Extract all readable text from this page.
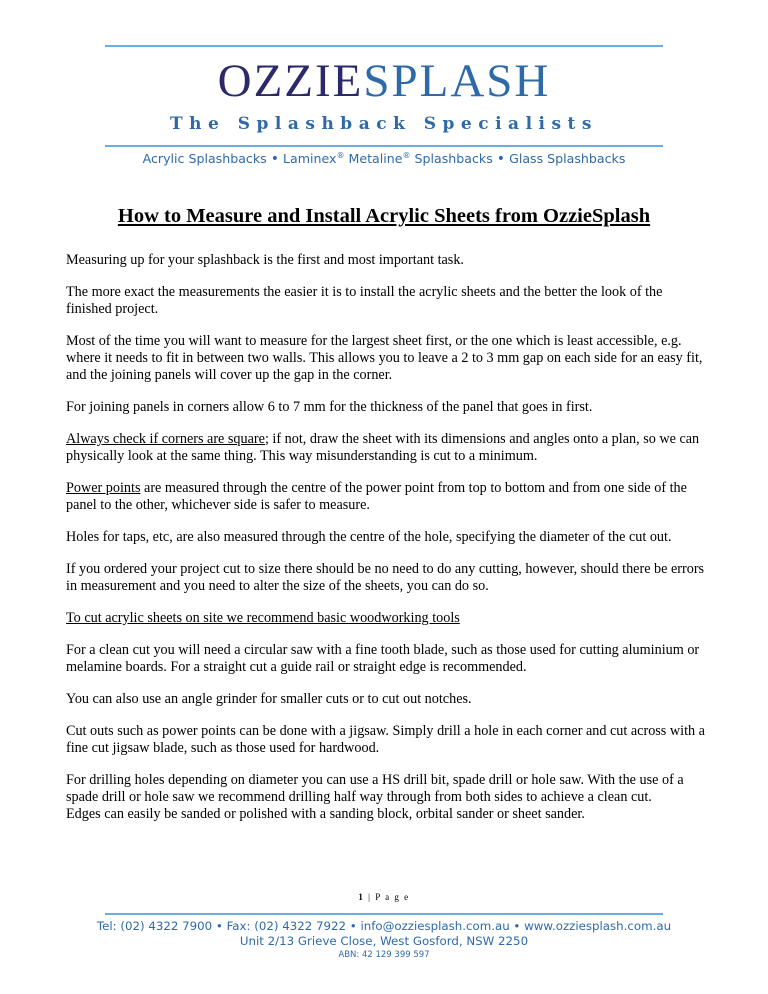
OZZIESPLASH
The Splashback Specialists
Acrylic Splashbacks • Laminex® Metaline® Splashbacks • Glass Splashbacks
How to Measure and Install Acrylic Sheets from OzzieSplash

Measuring up for your splashback is the first and most important task.

The more exact the measurements the easier it is to install the acrylic sheets and the better the look of the finished project.

Most of the time you will want to measure for the largest sheet first, or the one which is least accessible, e.g. where it needs to fit in between two walls. This allows you to leave a 2 to 3 mm gap on each side for an easy fit, and the joining panels will cover up the gap in the corner.

For joining panels in corners allow 6 to 7 mm for the thickness of the panel that goes in first.

Always check if corners are square; if not, draw the sheet with its dimensions and angles onto a plan, so we can physically look at the same thing. This way misunderstanding is cut to a minimum.

Power points are measured through the centre of the power point from top to bottom and from one side of the panel to the other, whichever side is safer to measure.

Holes for taps, etc, are also measured through the centre of the hole, specifying the diameter of the cut out.

If you ordered your project cut to size there should be no need to do any cutting, however, should there be errors in measurement and you need to alter the size of the sheets, you can do so.

To cut acrylic sheets on site we recommend basic woodworking tools

For a clean cut you will need a circular saw with a fine tooth blade, such as those used for cutting aluminium or melamine boards. For a straight cut a guide rail or straight edge is recommended.

You can also use an angle grinder for smaller cuts or to cut out notches.

Cut outs such as power points can be done with a jigsaw. Simply drill a hole in each corner and cut across with a fine cut jigsaw blade, such as those used for hardwood.

For drilling holes depending on diameter you can use a HS drill bit, spade drill or hole saw. With the use of a spade drill or hole saw we recommend drilling half way through from both sides to achieve a clean cut.

Edges can easily be sanded or polished with a sanding block, orbital sander or sheet sander.

1 | P a g e
Tel: (02) 4322 7900 • Fax: (02) 4322 7922 • info@ozziesplash.com.au • www.ozziesplash.com.au
Unit 2/13 Grieve Close, West Gosford, NSW 2250
ABN: 42 129 399 597
